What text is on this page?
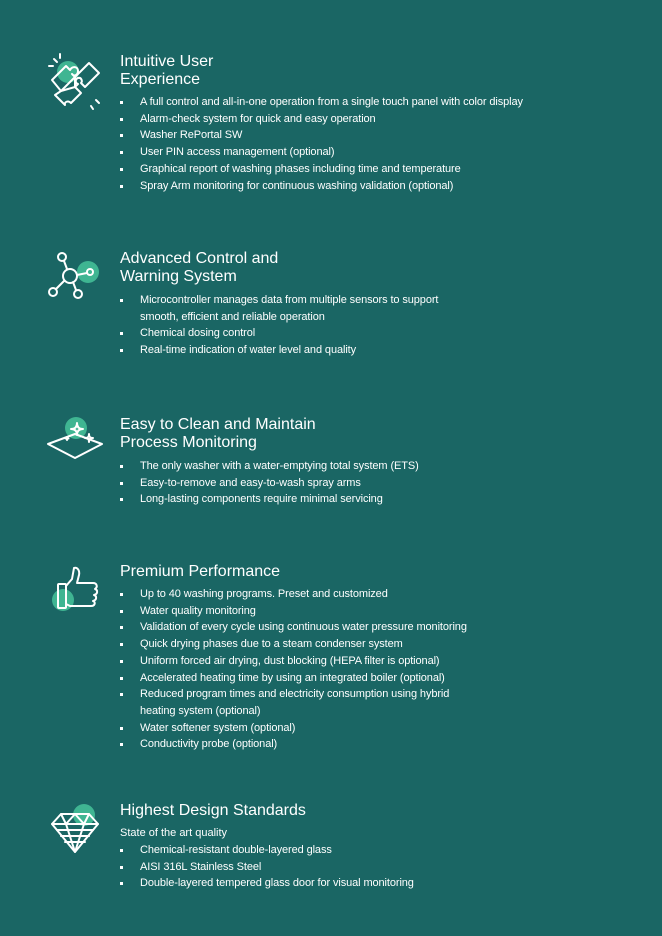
Intuitive User
Experience
A full control and all-in-one operation from a single touch panel with color display
Alarm-check system for quick and easy operation
Washer RePortal SW
User PIN access management (optional)
Graphical report of washing phases including time and temperature
Spray Arm monitoring for continuous washing validation (optional)
Advanced Control and
Warning System
Microcontroller manages data from multiple sensors to support smooth, efficient and reliable operation
Chemical dosing control
Real-time indication of water level and quality
Easy to Clean and Maintain
Process Monitoring
The only washer with a water-emptying total system (ETS)
Easy-to-remove and easy-to-wash spray arms
Long-lasting components require minimal servicing
Premium Performance
Up to 40 washing programs. Preset and customized
Water quality monitoring
Validation of every cycle using continuous water pressure monitoring
Quick drying phases due to a steam condenser system
Uniform forced air drying, dust blocking (HEPA filter is optional)
Accelerated heating time by using an integrated boiler (optional)
Reduced program times and electricity consumption using hybrid heating system (optional)
Water softener system (optional)
Conductivity probe (optional)
Highest Design Standards

State of the art quality

Chemical-resistant double-layered glass
AISI 316L Stainless Steel
Double-layered tempered glass door for visual monitoring
